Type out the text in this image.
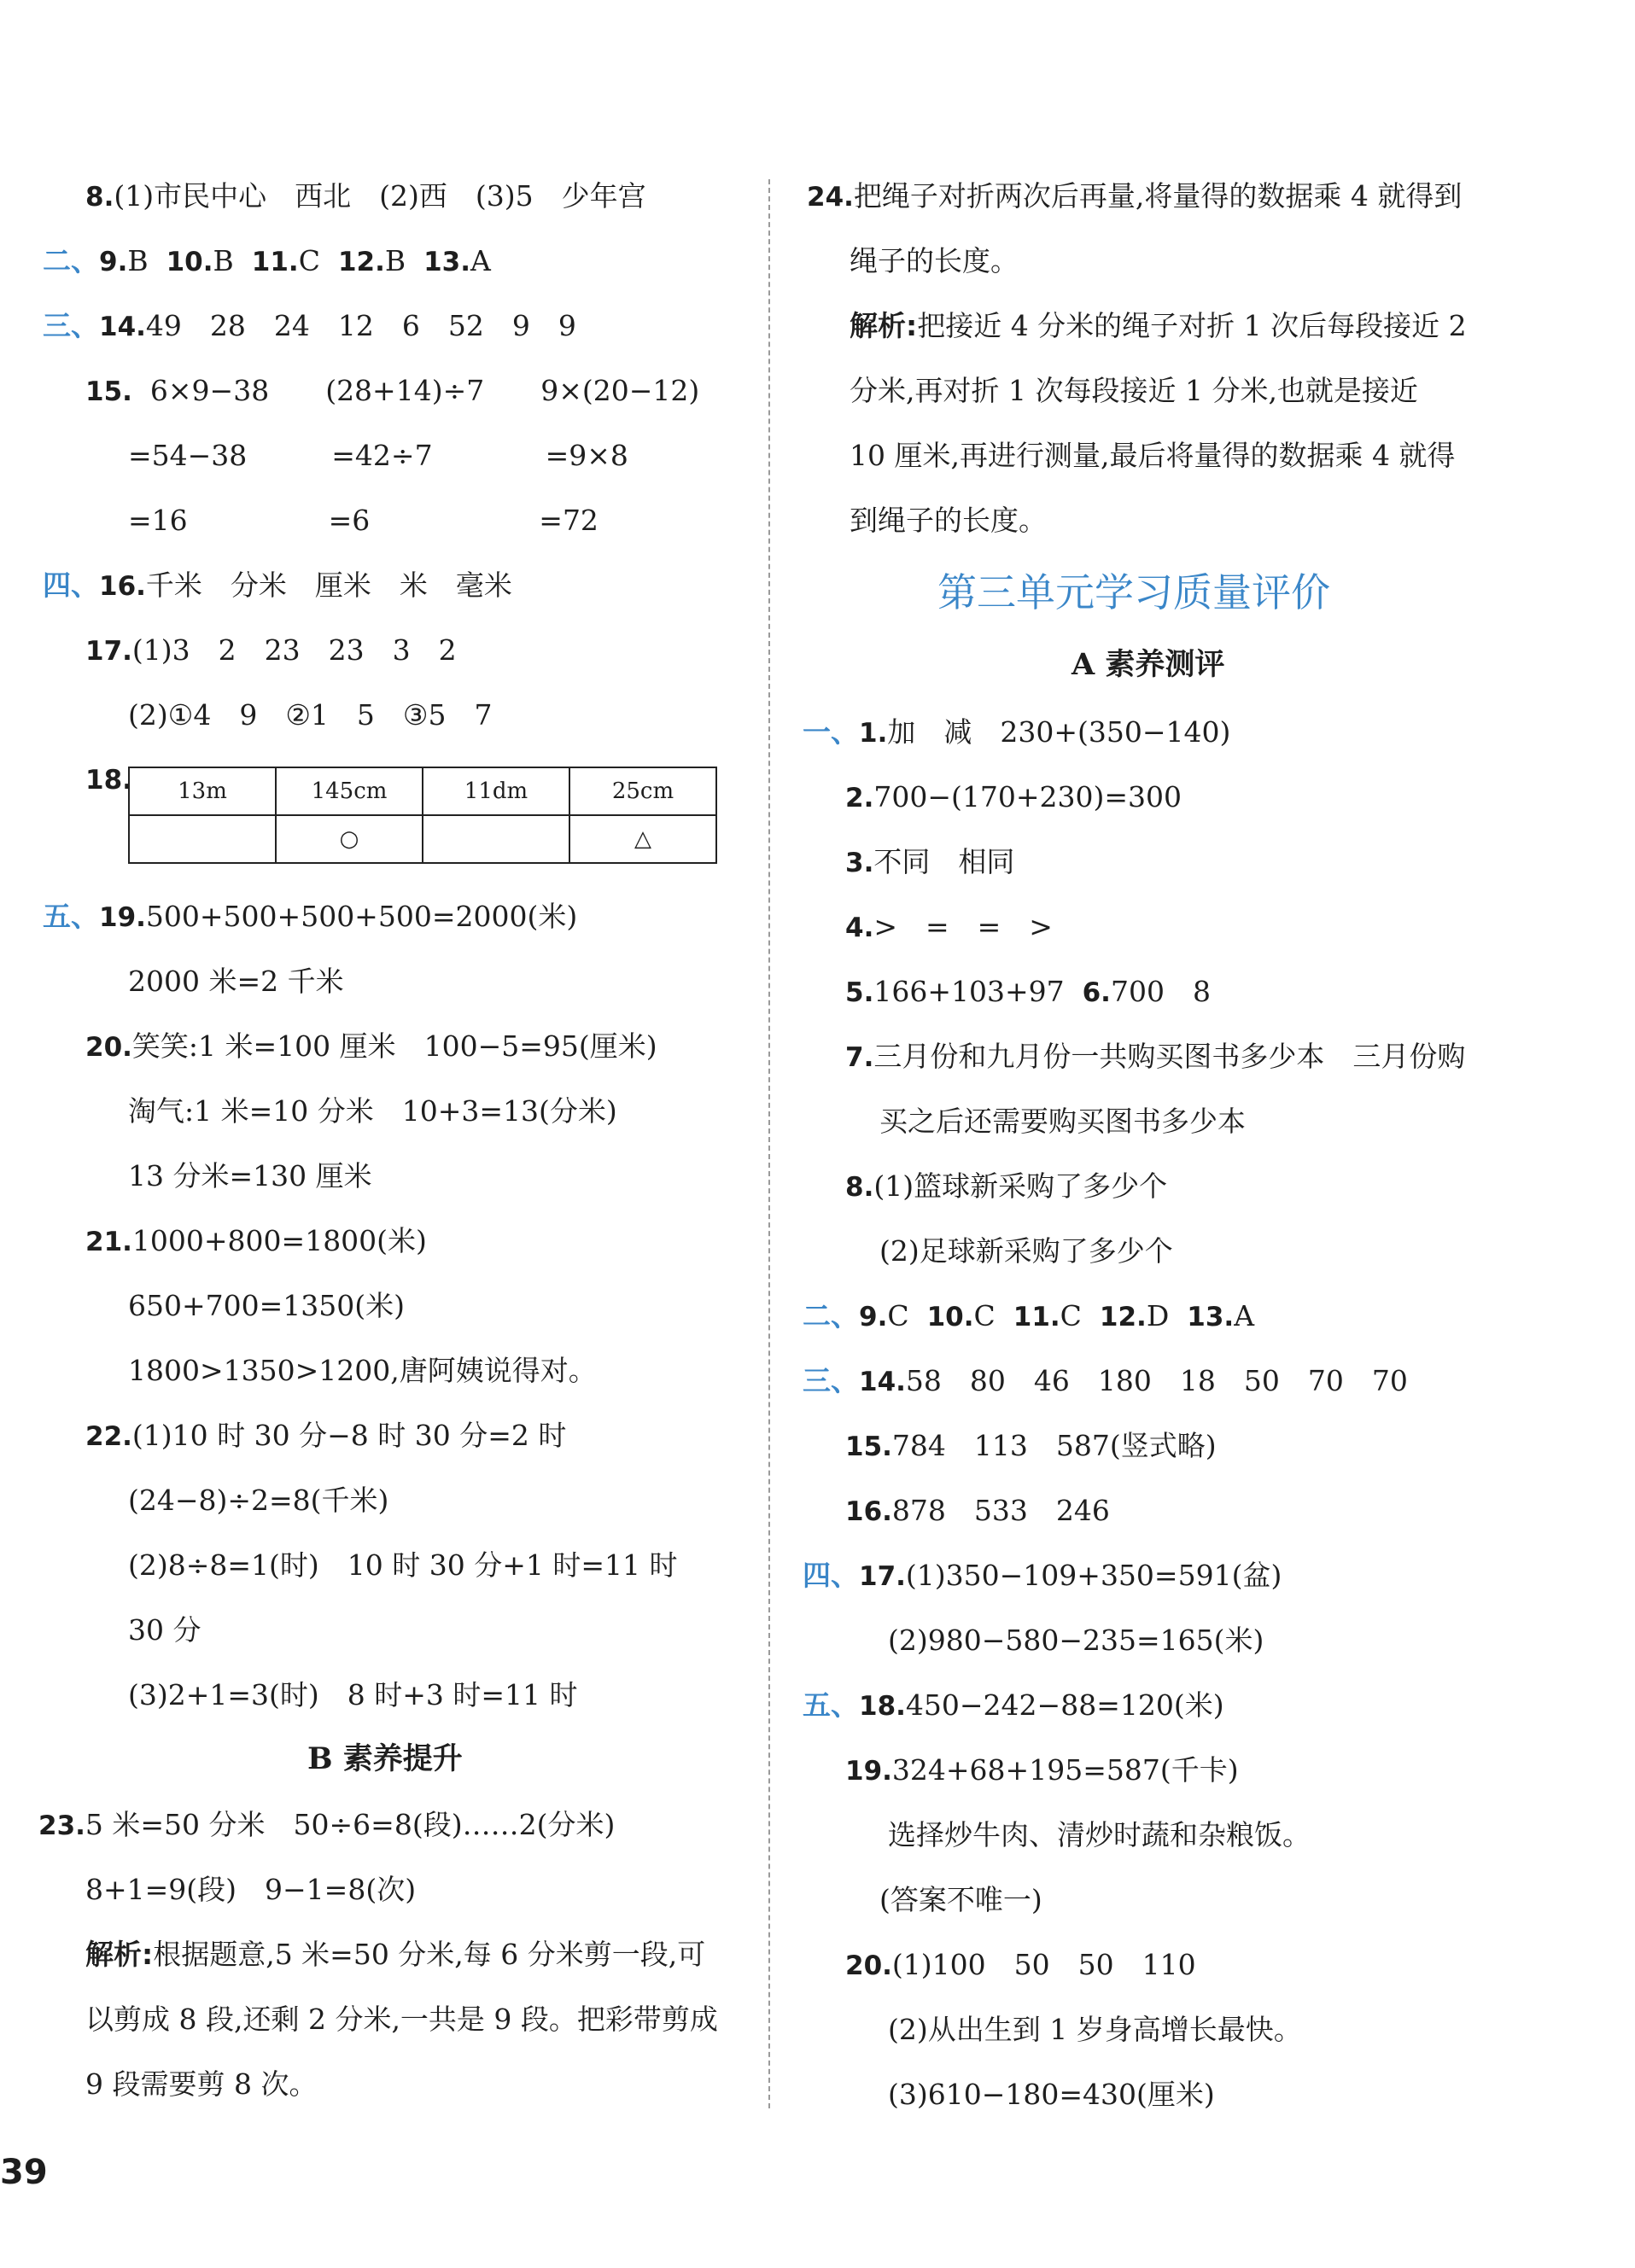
8.(1)市民中心　西北　(2)西　(3)5　少年宫
二、9.B 10.B 11.C 12.B 13.A
三、14.49　28　24　12　6　52　9　9
15. 6×9−38　　(28+14)÷7　　9×(20−12)
=54−38　　　=42÷7　　　　=9×8
=16　　　　　=6　　　　　　=72
四、16.千米　分米　厘米　米　毫米
17.(1)3　2　23　23　3　2
(2)①4　9　②1　5　③5　7
18. 13m	145cm	11dm	25cm
	○		△
五、19.500+500+500+500=2000(米)
2000 米=2 千米
20.笑笑:1 米=100 厘米　100−5=95(厘米)
淘气:1 米=10 分米　10+3=13(分米)
13 分米=130 厘米
21.1000+800=1800(米)
650+700=1350(米)
1800>1350>1200,唐阿姨说得对。
22.(1)10 时 30 分−8 时 30 分=2 时
(24−8)÷2=8(千米)
(2)8÷8=1(时)　10 时 30 分+1 时=11 时
30 分
(3)2+1=3(时)　8 时+3 时=11 时
B 素养提升
23.5 米=50 分米　50÷6=8(段)……2(分米)
8+1=9(段)　9−1=8(次)
解析:根据题意,5 米=50 分米,每 6 分米剪一段,可
以剪成 8 段,还剩 2 分米,一共是 9 段。把彩带剪成
9 段需要剪 8 次。
24.把绳子对折两次后再量,将量得的数据乘 4 就得到
绳子的长度。
解析:把接近 4 分米的绳子对折 1 次后每段接近 2
分米,再对折 1 次每段接近 1 分米,也就是接近
10 厘米,再进行测量,最后将量得的数据乘 4 就得
到绳子的长度。
第三单元学习质量评价
A 素养测评
一、1.加　减　230+(350−140)
2.700−(170+230)=300
3.不同　相同
4.>　=　=　>
5.166+103+97 6.700　8
7.三月份和九月份一共购买图书多少本　三月份购
买之后还需要购买图书多少本
8.(1)篮球新采购了多少个
(2)足球新采购了多少个
二、9.C 10.C 11.C 12.D 13.A
三、14.58　80　46　180　18　50　70　70
15.784　113　587(竖式略)
16.878　533　246
四、17.(1)350−109+350=591(盆)
(2)980−580−235=165(米)
五、18.450−242−88=120(米)
19.324+68+195=587(千卡)
选择炒牛肉、清炒时蔬和杂粮饭。
(答案不唯一)
20.(1)100　50　50　110
(2)从出生到 1 岁身高增长最快。
(3)610−180=430(厘米)
39
